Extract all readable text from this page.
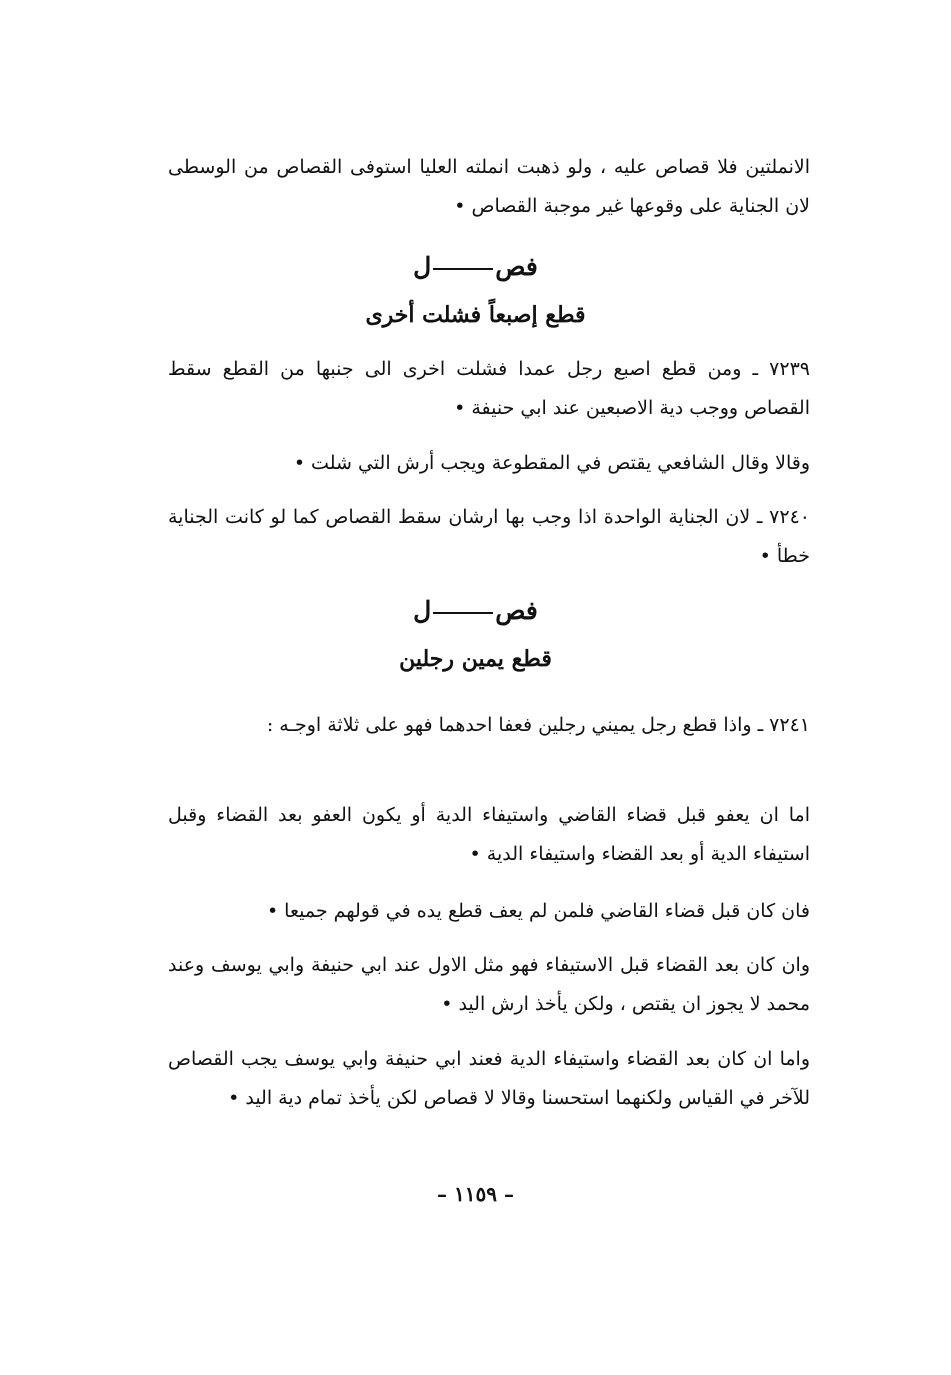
الانملتين فلا قصاص عليه ، ولو ذهبت انملته العليا استوفى القصاص من الوسطى لان الجناية على وقوعها غير موجبة القصاص •

فصل
قطع إصبعاً فشلت أخرى

٧٢٣٩ ـ ومن قطع اصبع رجل عمدا فشلت اخرى الى جنبها من القطع سقط القصاص ووجب دية الاصبعين عند ابي حنيفة •

وقالا وقال الشافعي يقتص في المقطوعة ويجب أرش التي شلت •

٧٢٤٠ ـ لان الجناية الواحدة اذا وجب بها ارشان سقط القصاص كما لو كانت الجناية خطأ •

فصل
قطع يمين رجلين

٧٢٤١ ـ واذا قطع رجل يميني رجلين فعفا احدهما فهو على ثلاثة اوجـه :

اما ان يعفو قبل قضاء القاضي واستيفاء الدية أو يكون العفو بعد القضاء وقبل استيفاء الدية أو بعد القضاء واستيفاء الدية •

فان كان قبل قضاء القاضي فلمن لم يعف قطع يده في قولهم جميعا •

وان كان بعد القضاء قبل الاستيفاء فهو مثل الاول عند ابي حنيفة وابي يوسف وعند محمد لا يجوز ان يقتص ، ولكن يأخذ ارش اليد •

واما ان كان بعد القضاء واستيفاء الدية فعند ابي حنيفة وابي يوسف يجب القصاص للآخر في القياس ولكنهما استحسنا وقالا لا قصاص لكن يأخذ تمام دية اليد •

– ١١٥٩ –
